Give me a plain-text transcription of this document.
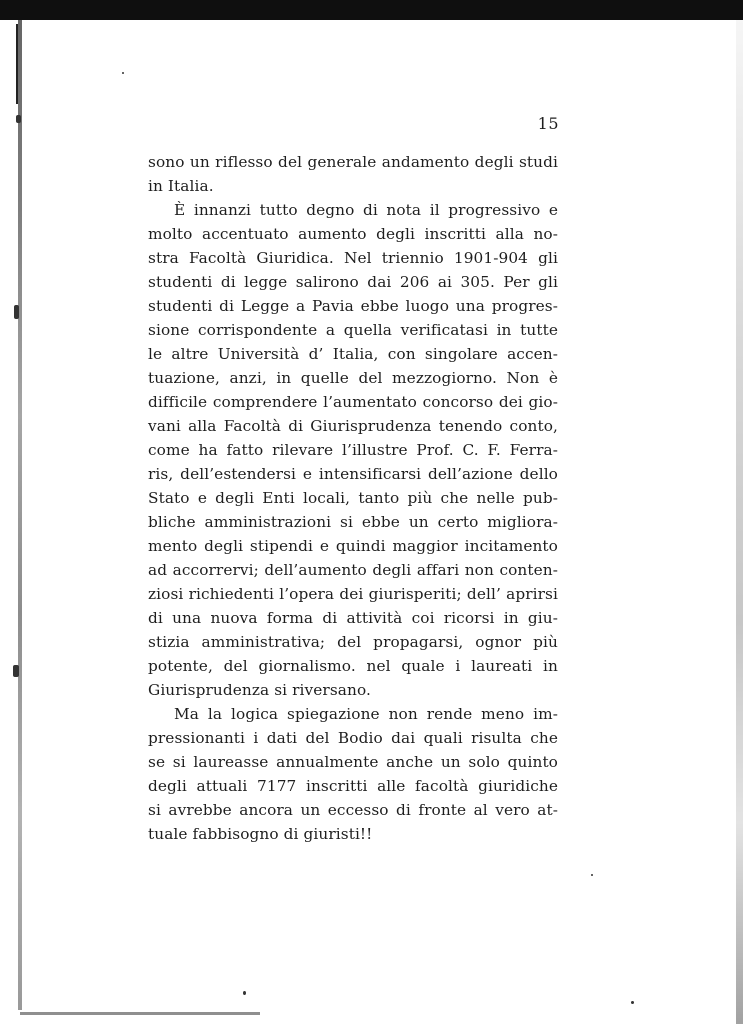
15
sono un riflesso del generale andamento degli studi
in Italia.
È innanzi tutto degno di nota il progressivo e
molto accentuato aumento degli inscritti alla no-
stra Facoltà Giuridica. Nel triennio 1901-904 gli
studenti di legge salirono dai 206 ai 305. Per gli
studenti di Legge a Pavia ebbe luogo una progres-
sione corrispondente a quella verificatasi in tutte
le altre Università d’ Italia, con singolare accen-
tuazione, anzi, in quelle del mezzogiorno. Non è
difficile comprendere l’aumentato concorso dei gio-
vani alla Facoltà di Giurisprudenza tenendo conto,
come ha fatto rilevare l’illustre Prof. C. F. Ferra-
ris, dell’estendersi e intensificarsi dell’azione dello
Stato e degli Enti locali, tanto più che nelle pub-
bliche amministrazioni si ebbe un certo migliora-
mento degli stipendi e quindi maggior incitamento
ad accorrervi; dell’aumento degli affari non conten-
ziosi richiedenti l’opera dei giurisperiti; dell’ aprirsi
di una nuova forma di attività coi ricorsi in giu-
stizia amministrativa; del propagarsi, ognor più
potente, del giornalismo. nel quale i laureati in
Giurisprudenza si riversano.
Ma la logica spiegazione non rende meno im-
pressionanti i dati del Bodio dai quali risulta che
se si laureasse annualmente anche un solo quinto
degli attuali 7177 inscritti alle facoltà giuridiche
si avrebbe ancora un eccesso di fronte al vero at-
tuale fabbisogno di giuristi!!
